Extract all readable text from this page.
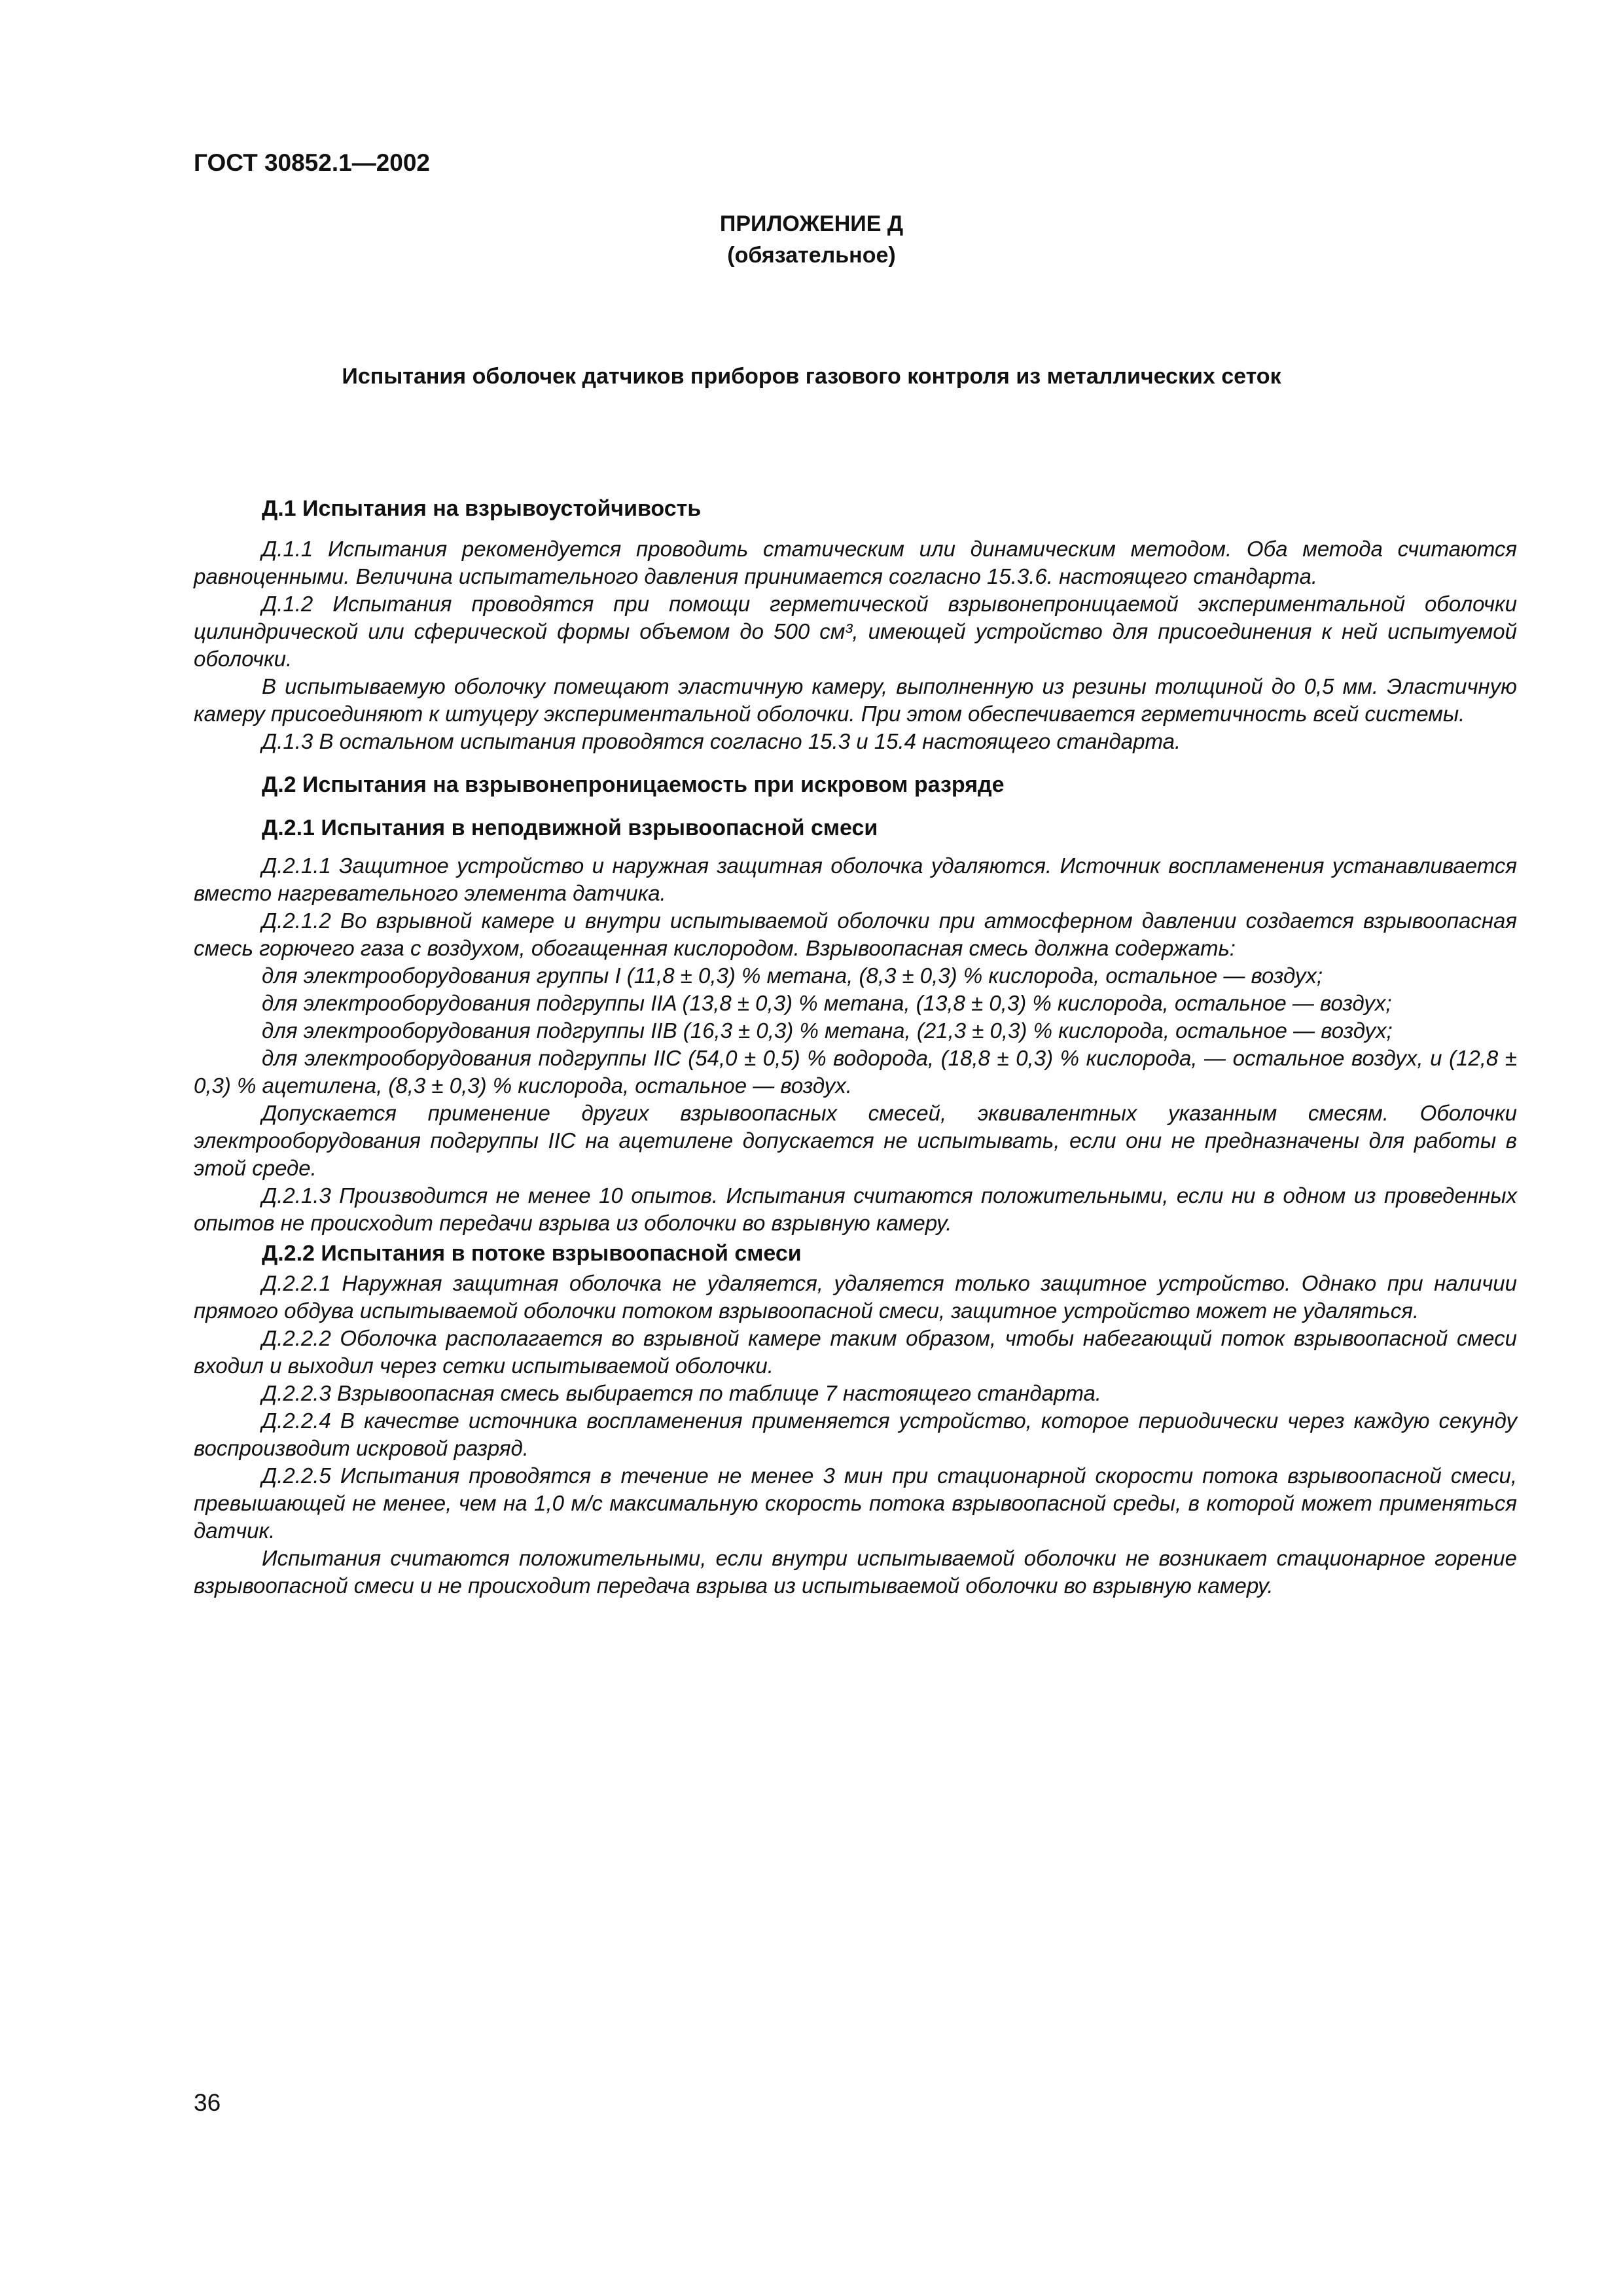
ГОСТ 30852.1—2002
ПРИЛОЖЕНИЕ Д
(обязательное)
Испытания оболочек датчиков приборов газового контроля из металлических сеток
Д.1 Испытания на взрывоустойчивость

Д.1.1 Испытания рекомендуется проводить статическим или динамическим методом. Оба метода считаются равноценными. Величина испытательного давления принимается согласно 15.3.6. настоящего стандарта.

Д.1.2 Испытания проводятся при помощи герметической взрывонепроницаемой экспериментальной оболочки цилиндрической или сферической формы объемом до 500 см³, имеющей устройство для присоединения к ней испытуемой оболочки.

В испытываемую оболочку помещают эластичную камеру, выполненную из резины толщиной до 0,5 мм. Эластичную камеру присоединяют к штуцеру экспериментальной оболочки. При этом обеспечивается герметичность всей системы.

Д.1.3 В остальном испытания проводятся согласно 15.3 и 15.4 настоящего стандарта.

Д.2 Испытания на взрывонепроницаемость при искровом разряде
Д.2.1 Испытания в неподвижной взрывоопасной смеси

Д.2.1.1 Защитное устройство и наружная защитная оболочка удаляются. Источник воспламенения устанавливается вместо нагревательного элемента датчика.

Д.2.1.2 Во взрывной камере и внутри испытываемой оболочки при атмосферном давлении создается взрывоопасная смесь горючего газа с воздухом, обогащенная кислородом. Взрывоопасная смесь должна содержать:

для электрооборудования группы I (11,8 ± 0,3) % метана, (8,3 ± 0,3) % кислорода, остальное — воздух;

для электрооборудования подгруппы IIA (13,8 ± 0,3) % метана, (13,8 ± 0,3) % кислорода, остальное — воздух;

для электрооборудования подгруппы IIB (16,3 ± 0,3) % метана, (21,3 ± 0,3) % кислорода, остальное — воздух;

для электрооборудования подгруппы IIC (54,0 ± 0,5) % водорода, (18,8 ± 0,3) % кислорода, — остальное воздух, и (12,8 ± 0,3) % ацетилена, (8,3 ± 0,3) % кислорода, остальное — воздух.

Допускается применение других взрывоопасных смесей, эквивалентных указанным смесям. Оболочки электрооборудования подгруппы IIC на ацетилене допускается не испытывать, если они не предназначены для работы в этой среде.

Д.2.1.3 Производится не менее 10 опытов. Испытания считаются положительными, если ни в одном из проведенных опытов не происходит передачи взрыва из оболочки во взрывную камеру.

Д.2.2 Испытания в потоке взрывоопасной смеси

Д.2.2.1 Наружная защитная оболочка не удаляется, удаляется только защитное устройство. Однако при наличии прямого обдува испытываемой оболочки потоком взрывоопасной смеси, защитное устройство может не удаляться.

Д.2.2.2 Оболочка располагается во взрывной камере таким образом, чтобы набегающий поток взрывоопасной смеси входил и выходил через сетки испытываемой оболочки.

Д.2.2.3 Взрывоопасная смесь выбирается по таблице 7 настоящего стандарта.

Д.2.2.4 В качестве источника воспламенения применяется устройство, которое периодически через каждую секунду воспроизводит искровой разряд.

Д.2.2.5 Испытания проводятся в течение не менее 3 мин при стационарной скорости потока взрывоопасной смеси, превышающей не менее, чем на 1,0 м/с максимальную скорость потока взрывоопасной среды, в которой может применяться датчик.

Испытания считаются положительными, если внутри испытываемой оболочки не возникает стационарное горение взрывоопасной смеси и не происходит передача взрыва из испытываемой оболочки во взрывную камеру.

36
